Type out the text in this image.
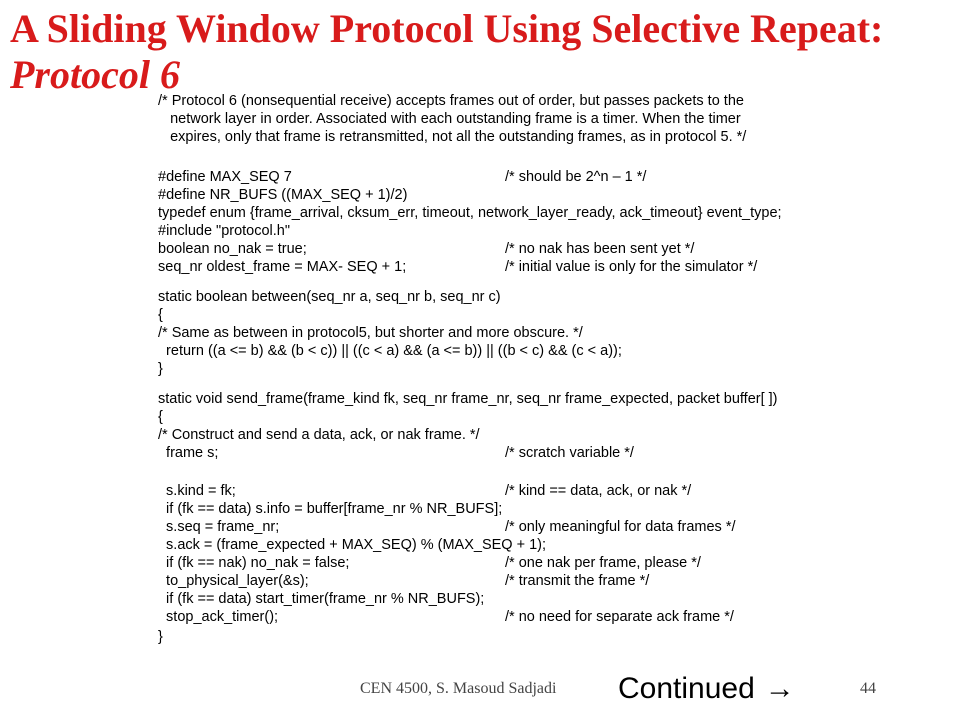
A Sliding Window Protocol Using Selective Repeat:
Protocol 6
/* Protocol 6 (nonsequential receive) accepts frames out of order, but passes packets to the
network layer in order. Associated with each outstanding frame is a timer. When the timer
expires, only that frame is retransmitted, not all the outstanding frames, as in protocol 5. */
#define MAX_SEQ 7	/* should be 2^n – 1 */
#define NR_BUFS ((MAX_SEQ + 1)/2)
typedef enum {frame_arrival, cksum_err, timeout, network_layer_ready, ack_timeout} event_type;
#include "protocol.h"
boolean no_nak = true;	/* no nak has been sent yet */
seq_nr oldest_frame = MAX- SEQ + 1;	/* initial value is only for the simulator */
static boolean between(seq_nr a, seq_nr b, seq_nr c)
{
/* Same as between in protocol5, but shorter and more obscure. */
return ((a <= b) && (b < c)) || ((c < a) && (a <= b)) || ((b < c) && (c < a));
}
static void send_frame(frame_kind fk, seq_nr frame_nr, seq_nr frame_expected, packet buffer[ ])
{
/* Construct and send a data, ack, or nak frame. */
frame s;	/* scratch variable */
s.kind = fk;	/* kind == data, ack, or nak */
if (fk == data) s.info = buffer[frame_nr % NR_BUFS];
s.seq = frame_nr;	/* only meaningful for data frames */
s.ack = (frame_expected + MAX_SEQ) % (MAX_SEQ + 1);
if (fk == nak) no_nak = false;	/* one nak per frame, please */
to_physical_layer(&s);	/* transmit the frame */
if (fk == data) start_timer(frame_nr % NR_BUFS);
stop_ack_timer();	/* no need for separate ack frame */
}
CEN 4500, S. Masoud Sadjadi Continued →	44
